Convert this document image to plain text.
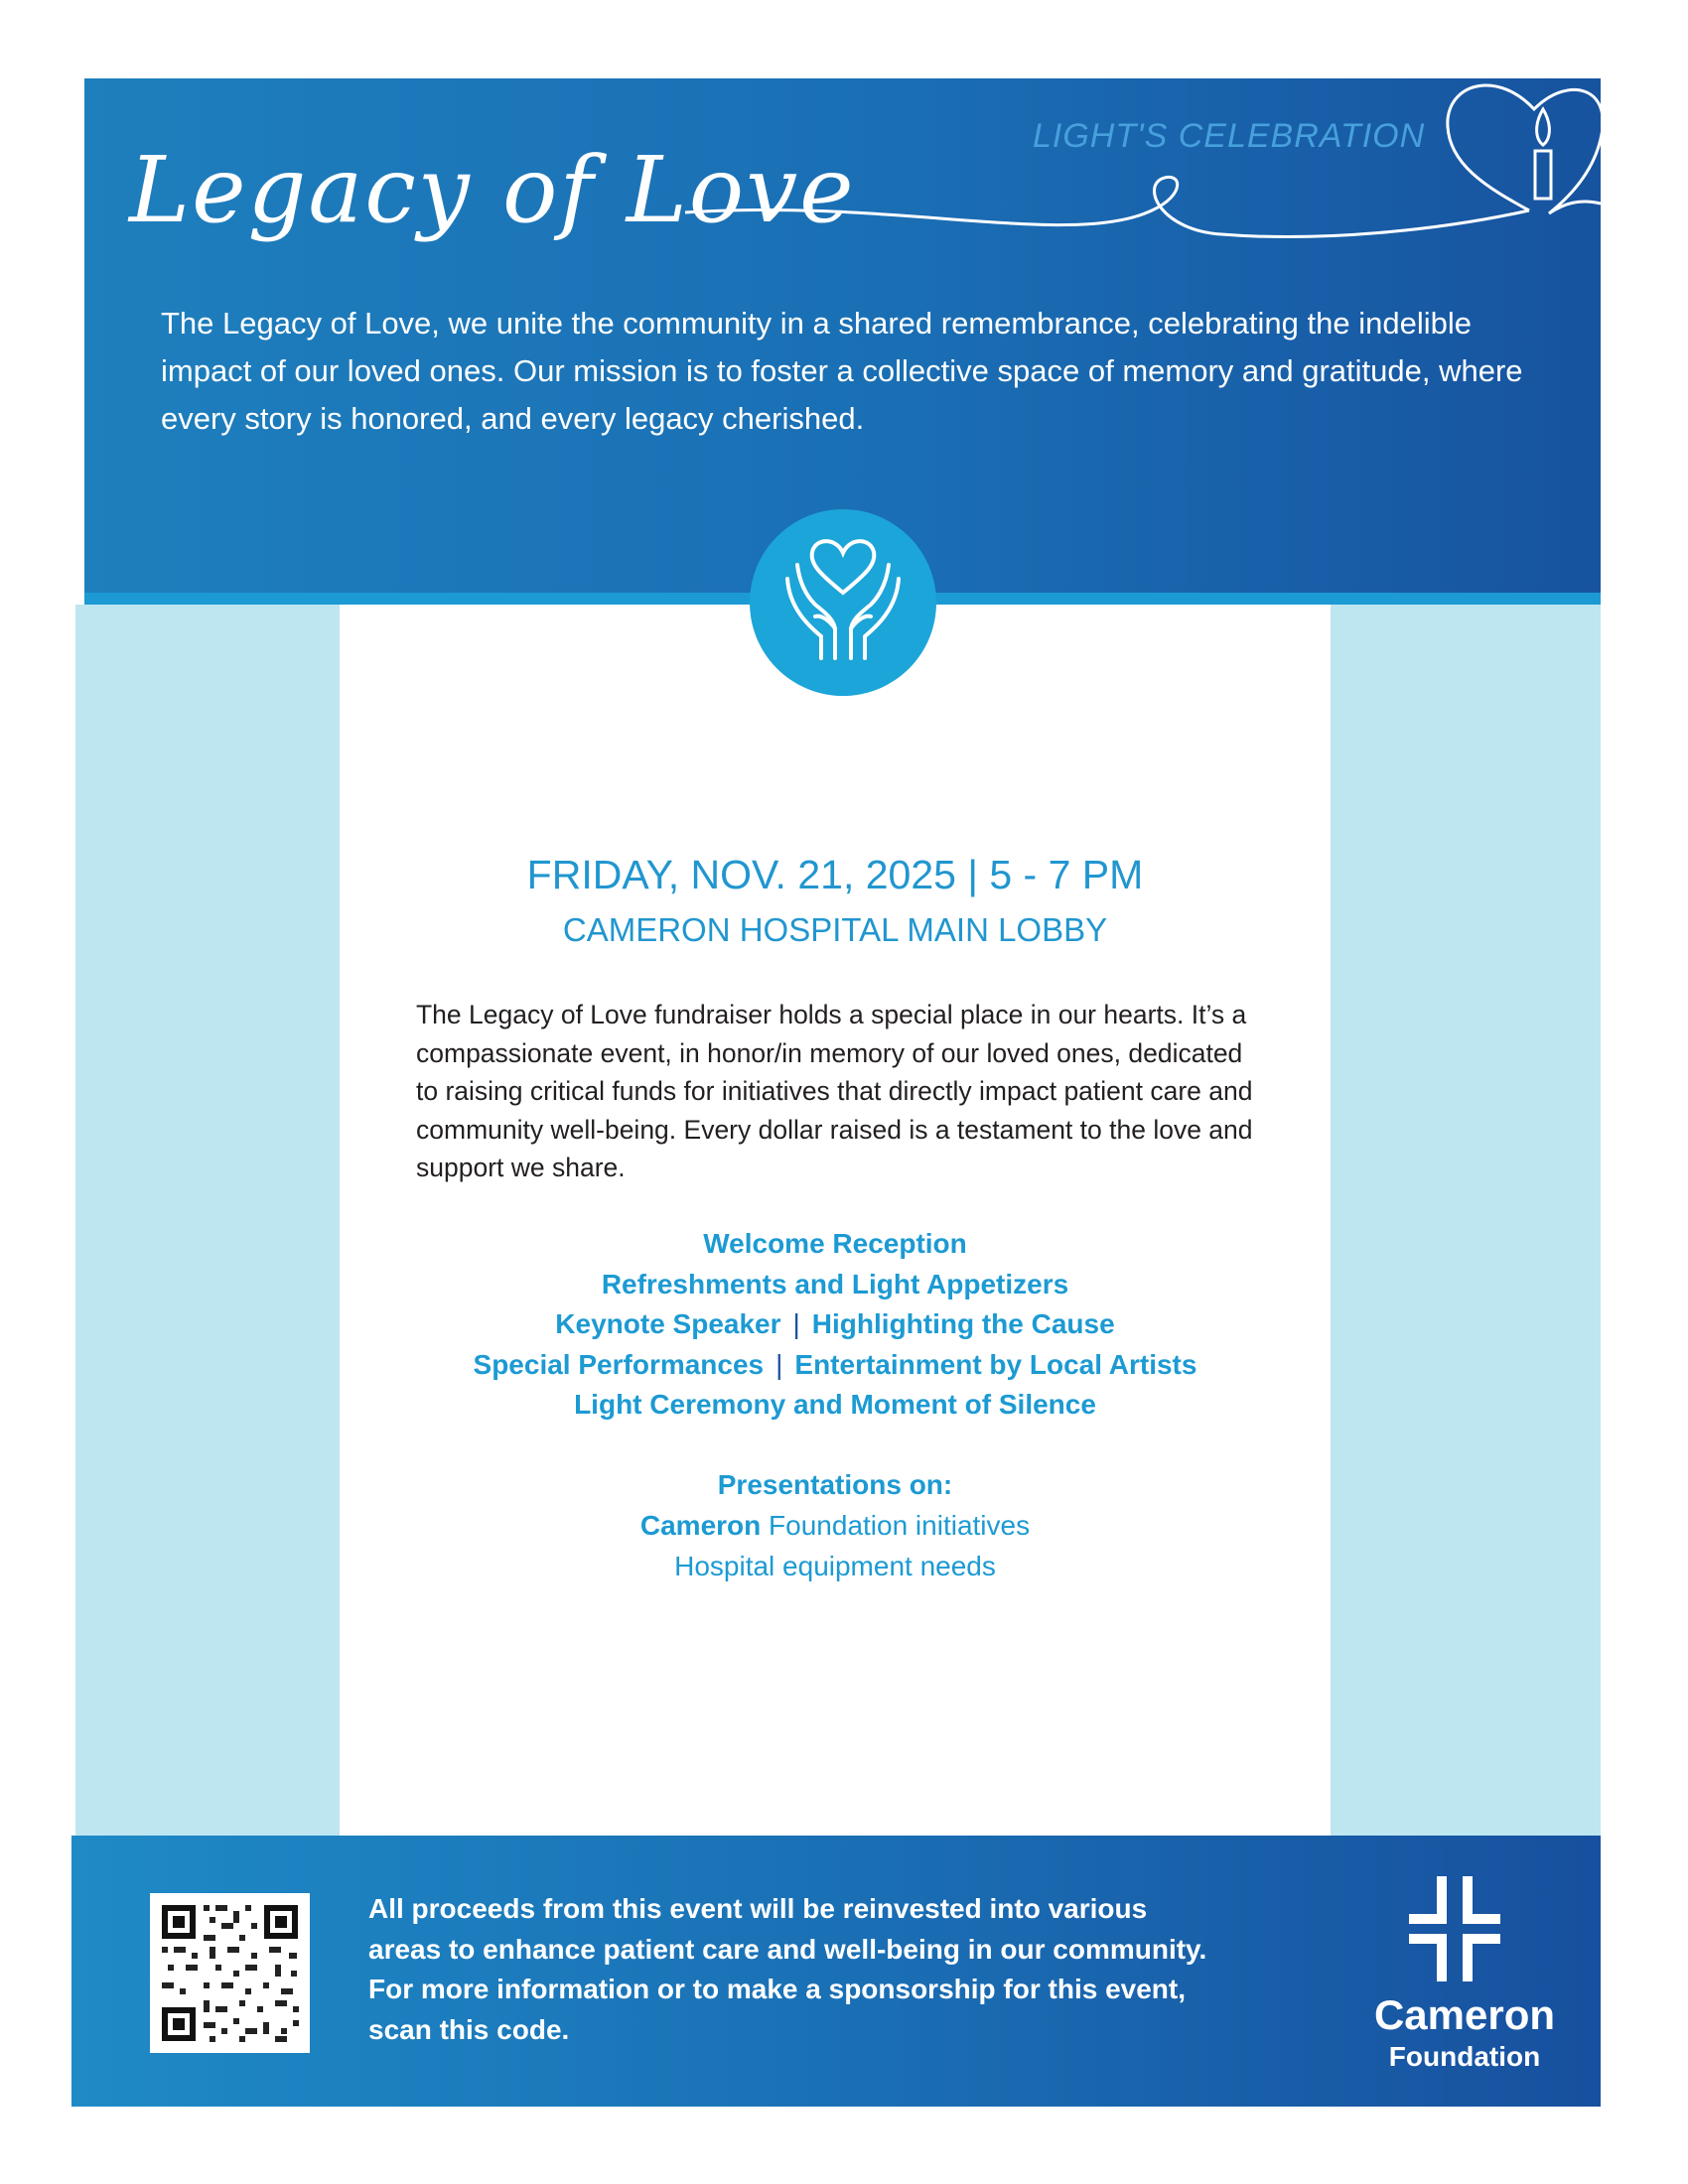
Legacy of Love
LIGHT'S CELEBRATION
The Legacy of Love, we unite the community in a shared remembrance, celebrating the indelible impact of our loved ones. Our mission is to foster a collective space of memory and gratitude, where every story is honored, and every legacy cherished.
FRIDAY, NOV. 21, 2025 | 5 - 7 PM
CAMERON HOSPITAL MAIN LOBBY
The Legacy of Love fundraiser holds a special place in our hearts. It’s a compassionate event, in honor/in memory of our loved ones, dedicated to raising critical funds for initiatives that directly impact patient care and community well-being. Every dollar raised is a testament to the love and support we share.
Welcome Reception
Refreshments and Light Appetizers
Keynote Speaker | Highlighting the Cause
Special Performances | Entertainment by Local Artists
Light Ceremony and Moment of Silence
Presentations on:
Cameron Foundation initiatives
Hospital equipment needs
All proceeds from this event will be reinvested into various areas to enhance patient care and well-being in our community. For more information or to make a sponsorship for this event, scan this code.	Cameron
Foundation
